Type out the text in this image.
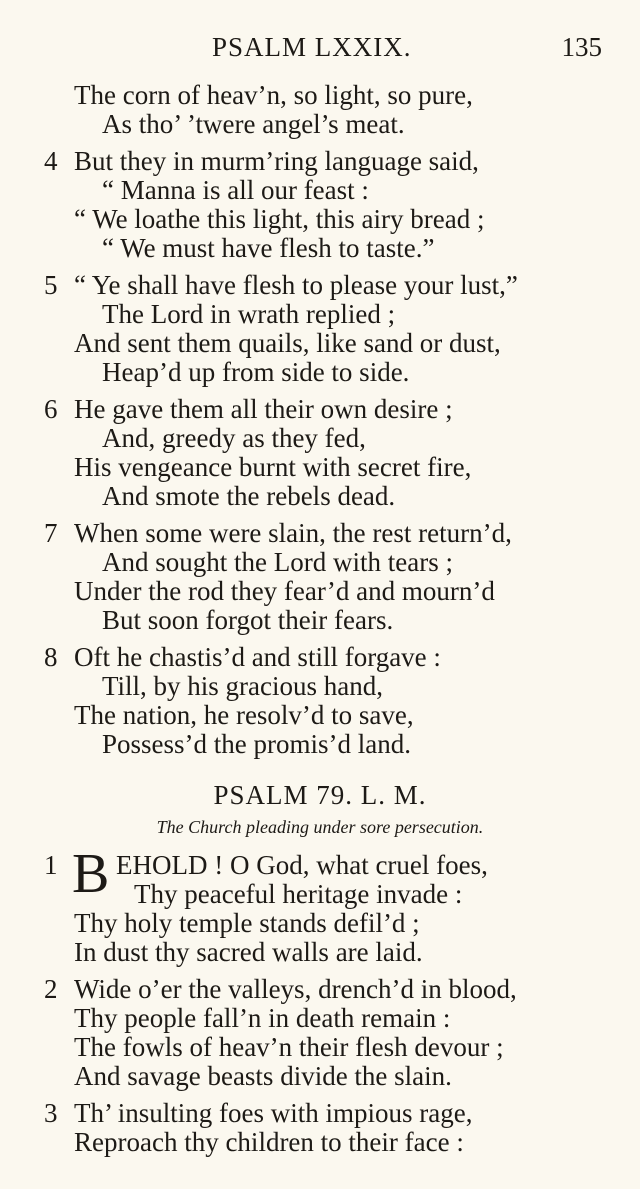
PSALM LXXIX.	135
The corn of heav’n, so light, so pure,
As tho’ ’twere angel’s meat.
4 But they in murm’ring language said,
“ Manna is all our feast :
“ We loathe this light, this airy bread ;
“ We must have flesh to taste.”
5 “ Ye shall have flesh to please your lust,”
The Lord in wrath replied ;
And sent them quails, like sand or dust,
Heap’d up from side to side.
6 He gave them all their own desire ;
And, greedy as they fed,
His vengeance burnt with secret fire,
And smote the rebels dead.
7 When some were slain, the rest return’d,
And sought the Lord with tears ;
Under the rod they fear’d and mourn’d
But soon forgot their fears.
8 Oft he chastis’d and still forgave :
Till, by his gracious hand,
The nation, he resolv’d to save,
Possess’d the promis’d land.
PSALM 79. L. M.
The Church pleading under sore persecution.
1 B EHOLD ! O God, what cruel foes,
Thy peaceful heritage invade :
Thy holy temple stands defil’d ;
In dust thy sacred walls are laid.
2 Wide o’er the valleys, drench’d in blood,
Thy people fall’n in death remain :
The fowls of heav’n their flesh devour ;
And savage beasts divide the slain.
3 Th’ insulting foes with impious rage,
Reproach thy children to their face :
